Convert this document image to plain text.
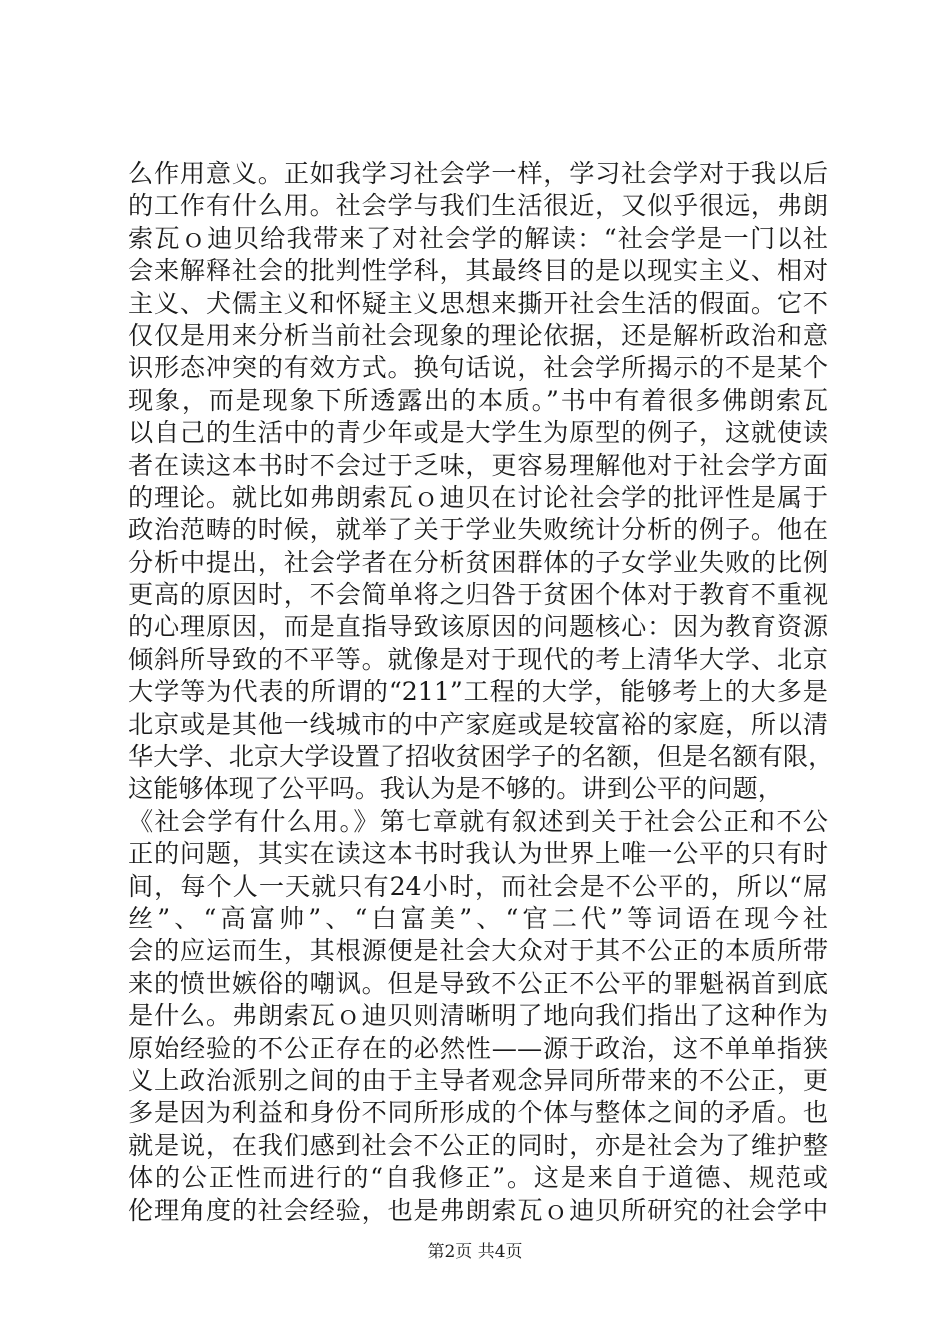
么作用意义。正如我学习社会学一样，学习社会学对于我以后
的工作有什么用。社会学与我们生活很近，又似乎很远，弗朗
索瓦ｏ迪贝给我带来了对社会学的解读：“社会学是一门以社
会来解释社会的批判性学科，其最终目的是以现实主义、相对
主义、犬儒主义和怀疑主义思想来撕开社会生活的假面。它不
仅仅是用来分析当前社会现象的理论依据，还是解析政治和意
识形态冲突的有效方式。换句话说，社会学所揭示的不是某个
现象，而是现象下所透露出的本质。”书中有着很多佛朗索瓦
以自己的生活中的青少年或是大学生为原型的例子，这就使读
者在读这本书时不会过于乏味，更容易理解他对于社会学方面
的理论。就比如弗朗索瓦ｏ迪贝在讨论社会学的批评性是属于
政治范畴的时候，就举了关于学业失败统计分析的例子。他在
分析中提出，社会学者在分析贫困群体的子女学业失败的比例
更高的原因时，不会简单将之归咎于贫困个体对于教育不重视
的心理原因，而是直指导致该原因的问题核心：因为教育资源
倾斜所导致的不平等。就像是对于现代的考上清华大学、北京
大学等为代表的所谓的“211”工程的大学，能够考上的大多是
北京或是其他一线城市的中产家庭或是较富裕的家庭，所以清
华大学、北京大学设置了招收贫困学子的名额，但是名额有限，
这能够体现了公平吗。我认为是不够的。讲到公平的问题，
《社会学有什么用。》第七章就有叙述到关于社会公正和不公
正的问题，其实在读这本书时我认为世界上唯一公平的只有时
间，每个人一天就只有24小时，而社会是不公平的，所以“屌
丝”、“高富帅”、“白富美”、“官二代”等词语在现今社
会的应运而生，其根源便是社会大众对于其不公正的本质所带
来的愤世嫉俗的嘲讽。但是导致不公正不公平的罪魁祸首到底
是什么。弗朗索瓦ｏ迪贝则清晰明了地向我们指出了这种作为
原始经验的不公正存在的必然性——源于政治，这不单单指狭
义上政治派别之间的由于主导者观念异同所带来的不公正，更
多是因为利益和身份不同所形成的个体与整体之间的矛盾。也
就是说，在我们感到社会不公正的同时，亦是社会为了维护整
体的公正性而进行的“自我修正”。这是来自于道德、规范或
伦理角度的社会经验，也是弗朗索瓦ｏ迪贝所研究的社会学中
第2页 共4页
